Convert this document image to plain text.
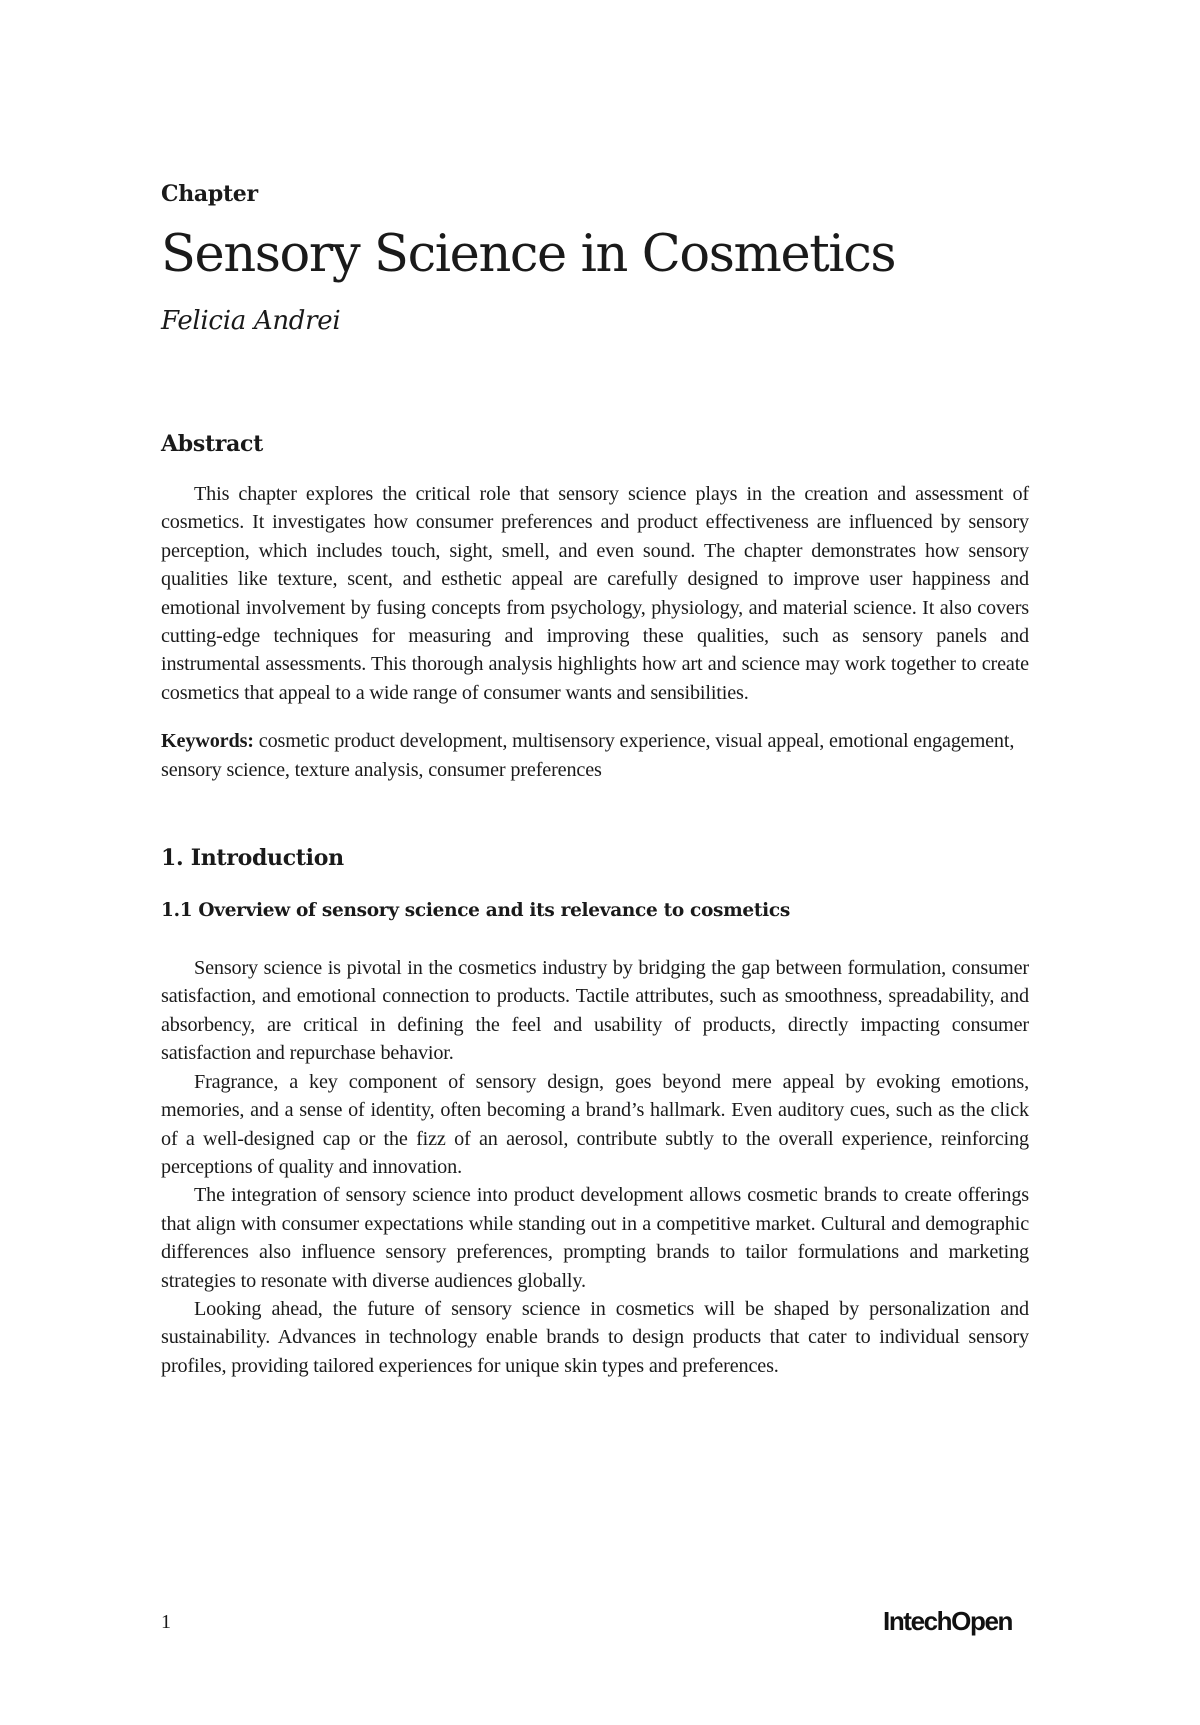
Chapter

Sensory Science in Cosmetics

Felicia Andrei

Abstract

This chapter explores the critical role that sensory science plays in the creation and assessment of cosmetics. It investigates how consumer preferences and product effectiveness are influenced by sensory perception, which includes touch, sight, smell, and even sound. The chapter demonstrates how sensory qualities like texture, scent, and esthetic appeal are carefully designed to improve user happiness and emotional involvement by fusing concepts from psychology, physiology, and material science. It also covers cutting-edge techniques for measuring and improving these qualities, such as sensory panels and instrumental assessments. This thorough analysis highlights how art and science may work together to create cosmetics that appeal to a wide range of consumer wants and sensibilities.

Keywords: cosmetic product development, multisensory experience, visual appeal, emotional engagement, sensory science, texture analysis, consumer preferences

1. Introduction
1.1 Overview of sensory science and its relevance to cosmetics

Sensory science is pivotal in the cosmetics industry by bridging the gap between formulation, consumer satisfaction, and emotional connection to products. Tactile attributes, such as smoothness, spreadability, and absorbency, are critical in defining the feel and usability of products, directly impacting consumer satisfaction and repurchase behavior.

Fragrance, a key component of sensory design, goes beyond mere appeal by evoking emotions, memories, and a sense of identity, often becoming a brand’s hallmark. Even auditory cues, such as the click of a well-designed cap or the fizz of an aerosol, contribute subtly to the overall experience, reinforcing perceptions of quality and innovation.

The integration of sensory science into product development allows cosmetic brands to create offerings that align with consumer expectations while standing out in a competitive market. Cultural and demographic differences also influence sensory preferences, prompting brands to tailor formulations and marketing strategies to resonate with diverse audiences globally.

Looking ahead, the future of sensory science in cosmetics will be shaped by personalization and sustainability. Advances in technology enable brands to design products that cater to individual sensory profiles, providing tailored experiences for unique skin types and preferences.

1	IntechOpen
